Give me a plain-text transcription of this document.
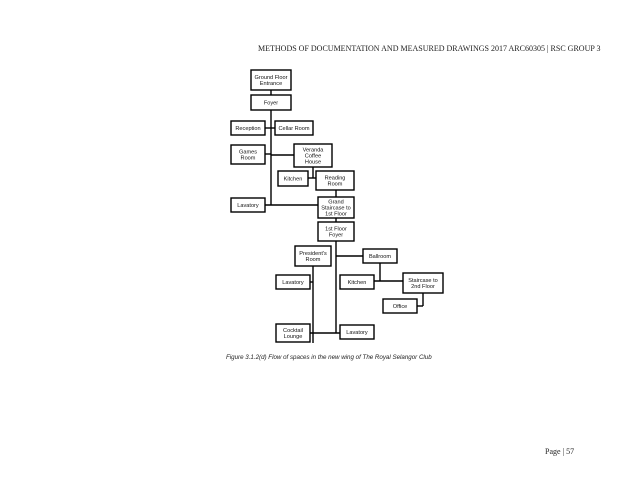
METHODS OF DOCUMENTATION AND MEASURED DRAWINGS 2017 ARC60305 | RSC GROUP 3
Ground Floor
Entrance
Foyer
Reception	Cellar Room
Games
Room
Veranda
Coffee
House
Kitchen	Reading
Room
Lavatory
Grand
Staircase to
1st Floor
1st Floor
Foyer
President's
Room	Ballroom
Lavatory	Kitchen	Staircase to
2nd Floor
Office
Cocktail
Lounge
Lavatory
Figure 3.1.2(d) Flow of spaces in the new wing of The Royal Selangor Club
Page | 57
